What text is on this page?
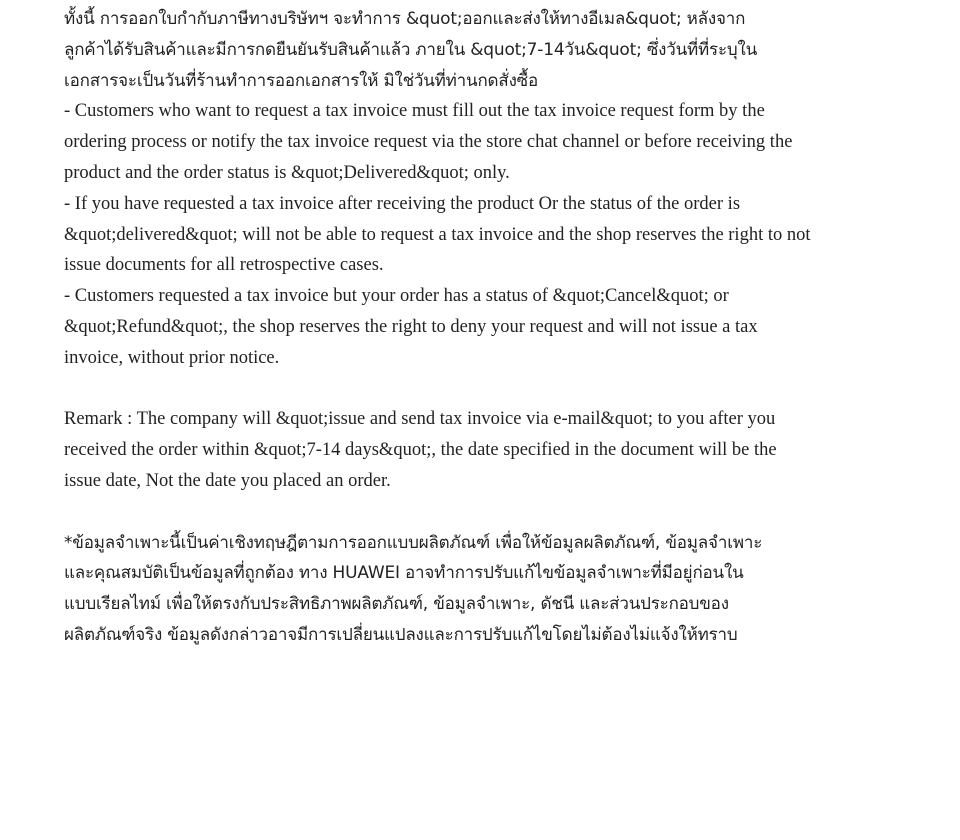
ทั้งนี้ การออกใบกำกับภาษีทางบริษัทฯ จะทำการ &quot;ออกและส่งให้ทางอีเมล&quot; หลังจาก
ลูกค้าได้รับสินค้าและมีการกดยืนยันรับสินค้าแล้ว ภายใน &quot;7-14วัน&quot; ซึ่งวันที่ที่ระบุใน
เอกสารจะเป็นวันที่ร้านทำการออกเอกสารให้ มิใช่วันที่ท่านกดสั่งซื้อ
- Customers who want to request a tax invoice must fill out the tax invoice request form by the
ordering process or notify the tax invoice request via the store chat channel or before receiving the
product and the order status is &quot;Delivered&quot; only.
- If you have requested a tax invoice after receiving the product Or the status of the order is
&quot;delivered&quot; will not be able to request a tax invoice and the shop reserves the right to not
issue documents for all retrospective cases.
- Customers requested a tax invoice but your order has a status of &quot;Cancel&quot; or
&quot;Refund&quot;, the shop reserves the right to deny your request and will not issue a tax
invoice, without prior notice.
Remark : The company will &quot;issue and send tax invoice via e-mail&quot; to you after you
received the order within &quot;7-14 days&quot;, the date specified in the document will be the
issue date, Not the date you placed an order.
*ข้อมูลจำเพาะนี้เป็นค่าเชิงทฤษฎีตามการออกแบบผลิตภัณฑ์ เพื่อให้ข้อมูลผลิตภัณฑ์, ข้อมูลจำเพาะ
และคุณสมบัติเป็นข้อมูลที่ถูกต้อง ทาง HUAWEI อาจทำการปรับแก้ไขข้อมูลจำเพาะที่มีอยู่ก่อนใน
แบบเรียลไทม์ เพื่อให้ตรงกับประสิทธิภาพผลิตภัณฑ์, ข้อมูลจำเพาะ, ดัชนี และส่วนประกอบของ
ผลิตภัณฑ์จริง ข้อมูลดังกล่าวอาจมีการเปลี่ยนแปลงและการปรับแก้ไขโดยไม่ต้องไม่แจ้งให้ทราบ
